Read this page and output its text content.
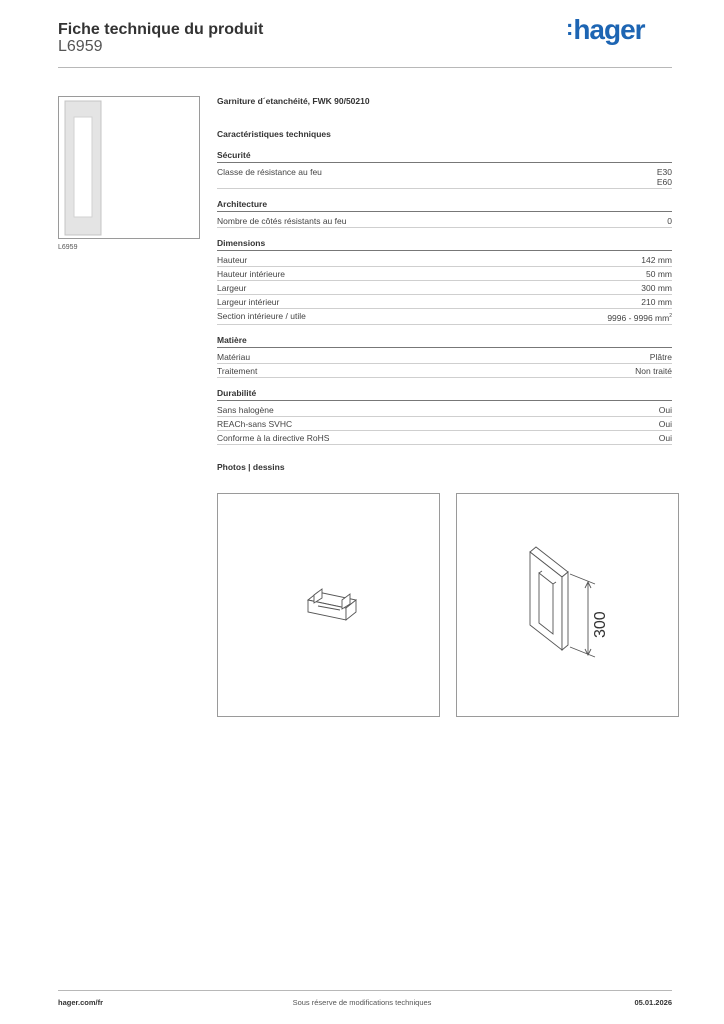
Fiche technique du produit
L6959
:hager
L6959
Garniture d´etanchéité, FWK 90/50210
Caractéristiques techniques
Sécurité
Classe de résistance au feu	E30
E60
Architecture
Nombre de côtés résistants au feu	0
Dimensions
Hauteur	142 mm
Hauteur intérieure	50 mm
Largeur	300 mm
Largeur intérieur	210 mm
Section intérieure / utile	9996 - 9996 $mm^2$
Matière
Matériau	Plâtre
Traitement	Non traité
Durabilité
Sans halogène	Oui
REACh-sans SVHC	Oui
Conforme à la directive RoHS	Oui
Photos | dessins
300
hager.com/fr	Sous réserve de modifications techniques	05.01.2026
